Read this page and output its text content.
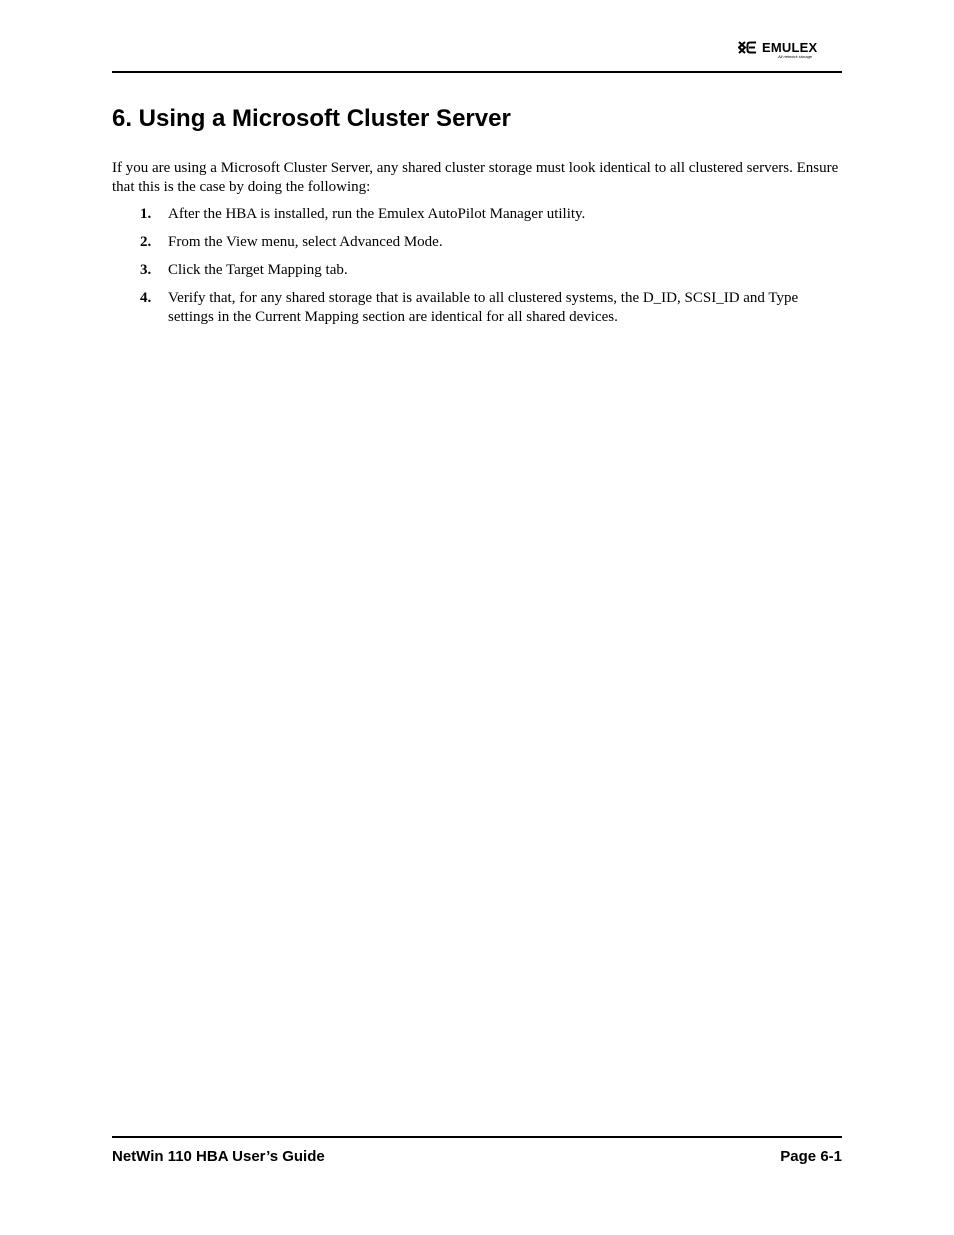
EMULEX
All network storage
6. Using a Microsoft Cluster Server

If you are using a Microsoft Cluster Server, any shared cluster storage must look identical to all clustered servers. Ensure that this is the case by doing the following:

1. After the HBA is installed, run the Emulex AutoPilot Manager utility.
2. From the View menu, select Advanced Mode.
3. Click the Target Mapping tab.
4. Verify that, for any shared storage that is available to all clustered systems, the D_ID, SCSI_ID and Type settings in the Current Mapping section are identical for all shared devices.
NetWin 110 HBA User’s Guide	Page 6-1
